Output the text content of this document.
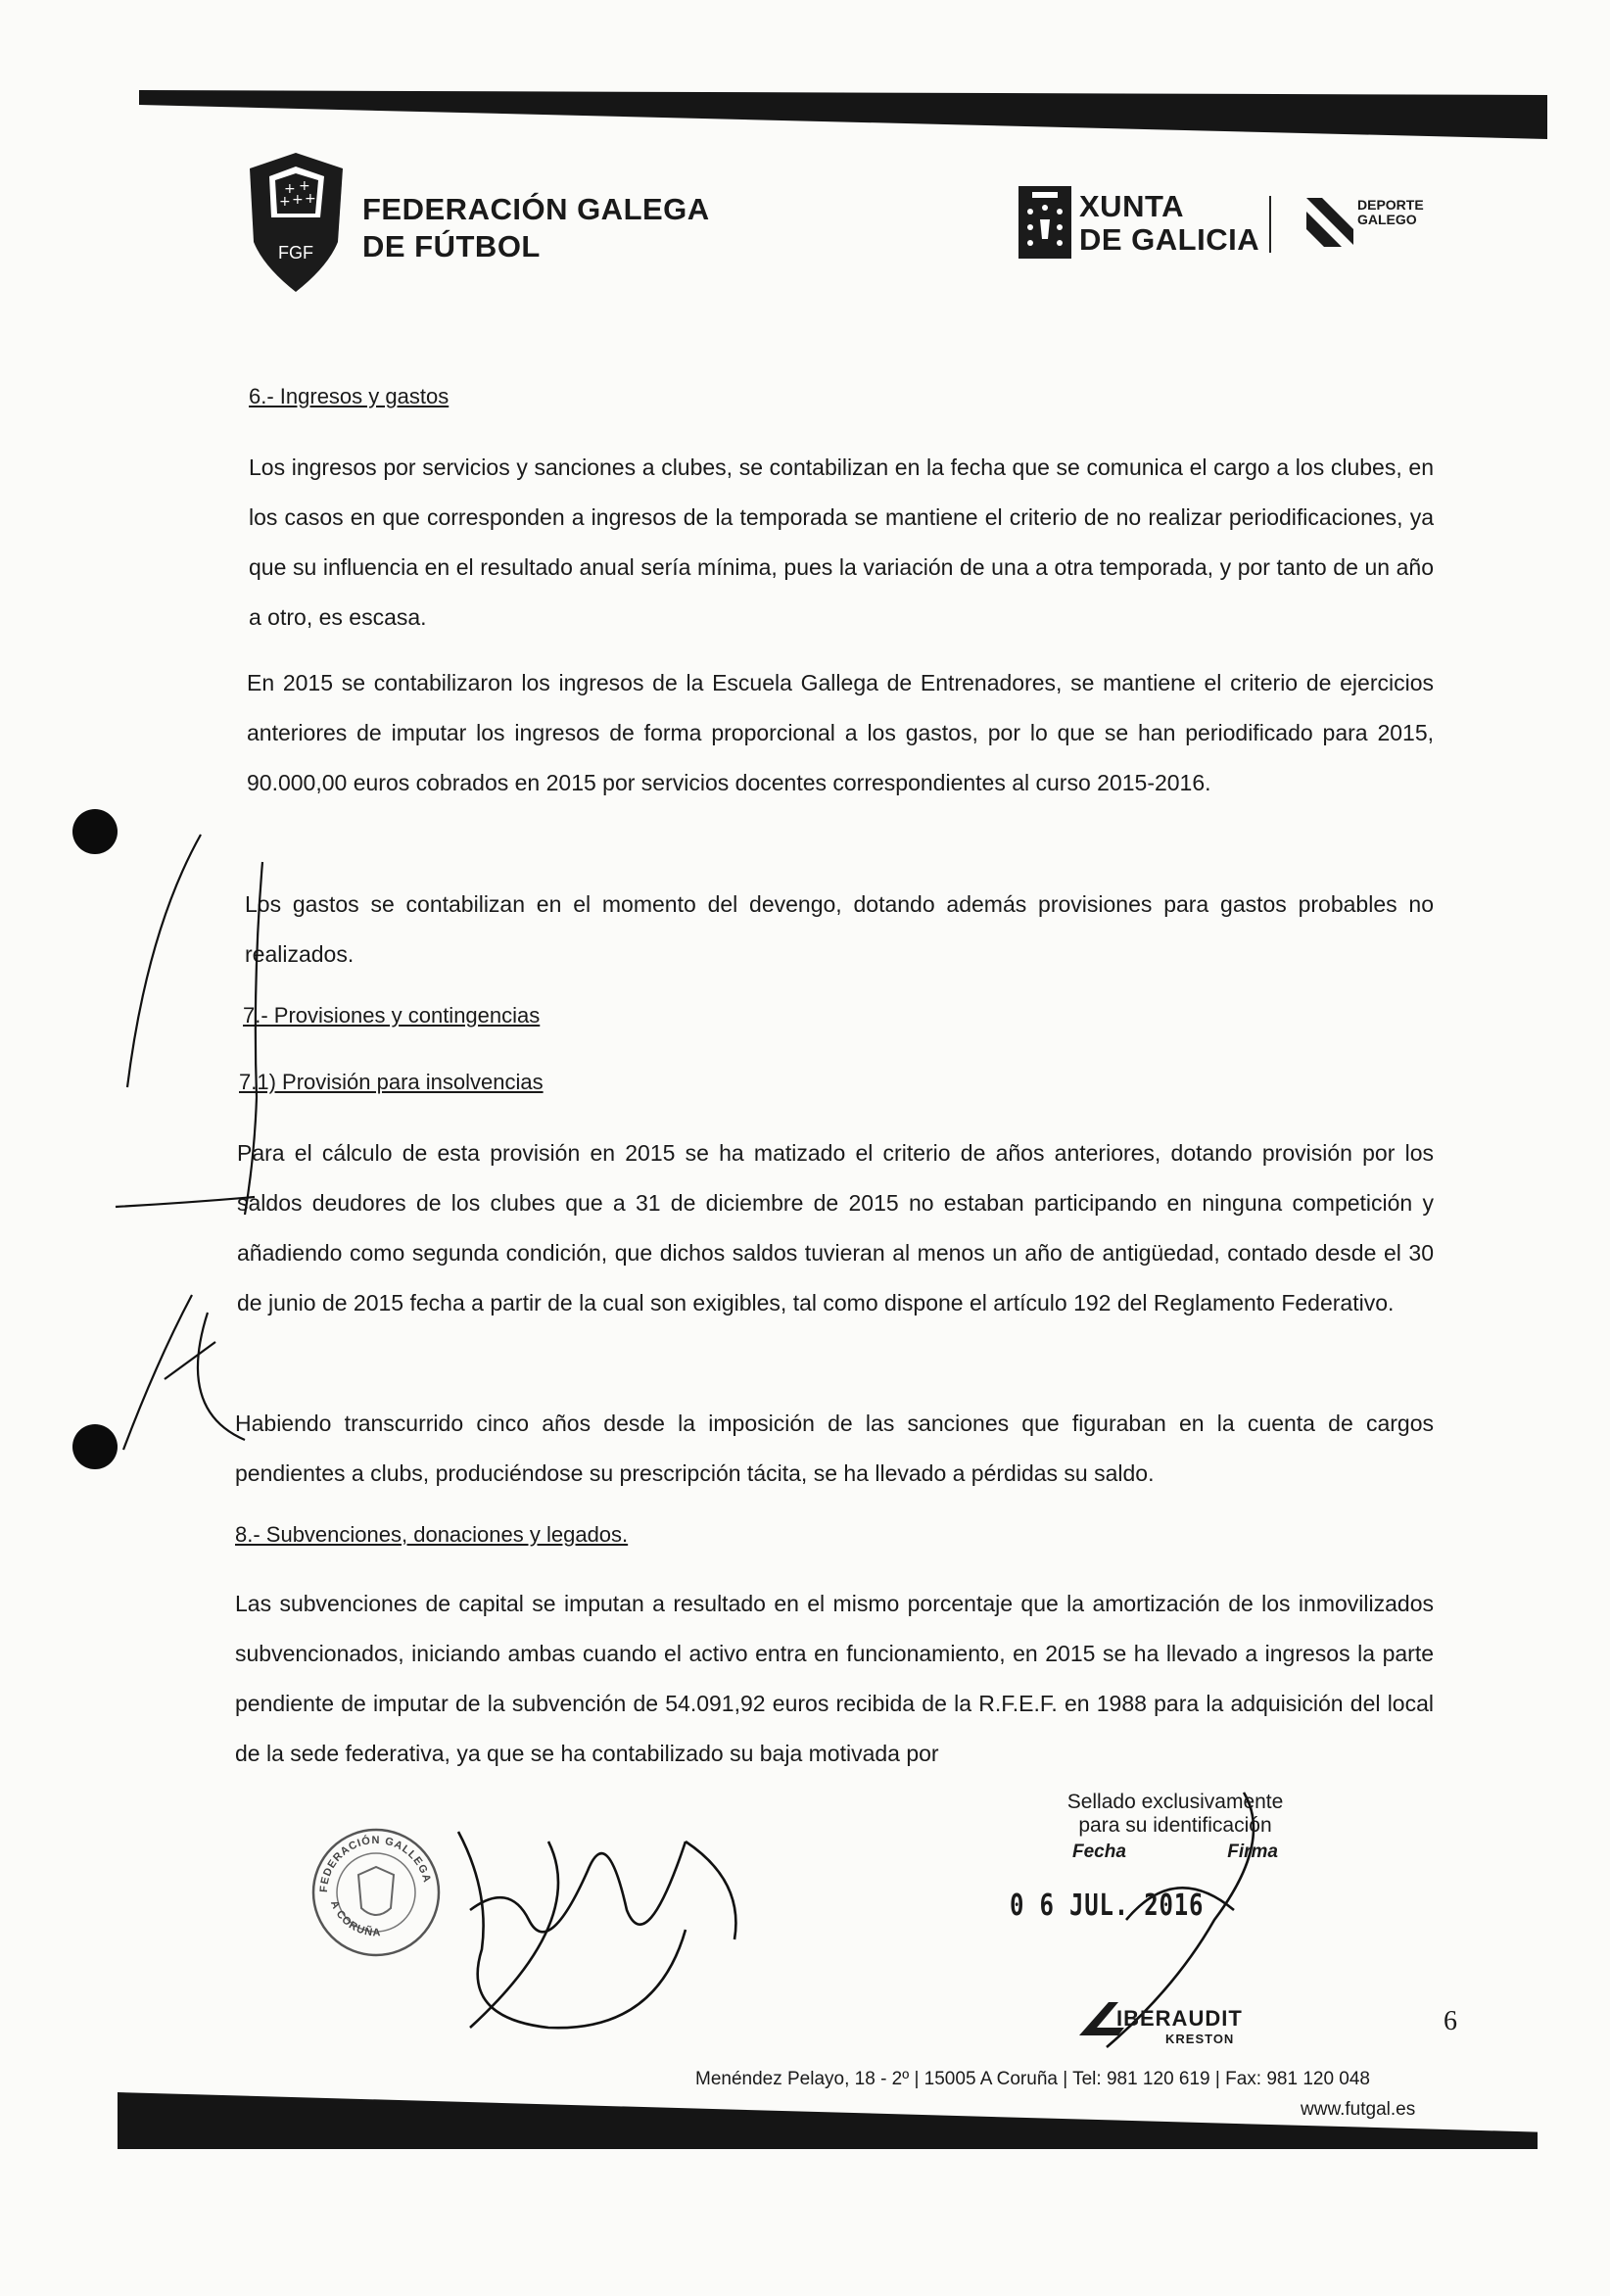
+ +
+ + +
FGF
FEDERACIÓN GALEGA
DE FÚTBOL
XUNTA
DE GALICIA
DEPORTE
GALEGO
6.- Ingresos y gastos
Los ingresos por servicios y sanciones a clubes, se contabilizan en la fecha que se comunica el cargo a los clubes, en los casos en que corresponden a ingresos de la temporada se mantiene el criterio de no realizar periodificaciones, ya que su influencia en el resultado anual sería mínima, pues la variación de una a otra temporada, y por tanto de un año a otro, es escasa.
En 2015 se contabilizaron los ingresos de la Escuela Gallega de Entrenadores, se mantiene el criterio de ejercicios anteriores de imputar los ingresos de forma proporcional a los gastos, por lo que se han periodificado para 2015, 90.000,00 euros cobrados en 2015 por servicios docentes correspondientes al curso 2015-2016.
Los gastos se contabilizan en el momento del devengo, dotando además provisiones para gastos probables no realizados.
7.- Provisiones y contingencias
7.1) Provisión para insolvencias
Para el cálculo de esta provisión en 2015 se ha matizado el criterio de años anteriores, dotando provisión por los saldos deudores de los clubes que a 31 de diciembre de 2015 no estaban participando en ninguna competición y añadiendo como segunda condición, que dichos saldos tuvieran al menos un año de antigüedad, contado desde el 30 de junio de 2015 fecha a partir de la cual son exigibles, tal como dispone el artículo 192 del Reglamento Federativo.
Habiendo transcurrido cinco años desde la imposición de las sanciones que figuraban en la cuenta de cargos pendientes a clubs, produciéndose su prescripción tácita, se ha llevado a pérdidas su saldo.
8.- Subvenciones, donaciones y legados.
Las subvenciones de capital se imputan a resultado en el mismo porcentaje que la amortización de los inmovilizados subvencionados, iniciando ambas cuando el activo entra en funcionamiento, en 2015 se ha llevado a ingresos la parte pendiente de imputar de la subvención de 54.091,92 euros recibida de la R.F.E.F. en 1988 para la adquisición del local de la sede federativa, ya que se ha contabilizado su baja motivada por
FEDERACIÓN GALLEGA
A CORUÑA
Sellado exclusivamente
para su identificación
Fecha	Firma
0 6 JUL. 2016
IBERAUDIT
KRESTON
6
Menéndez Pelayo, 18 - 2º | 15005 A Coruña | Tel: 981 120 619 | Fax: 981 120 048
www.futgal.es
